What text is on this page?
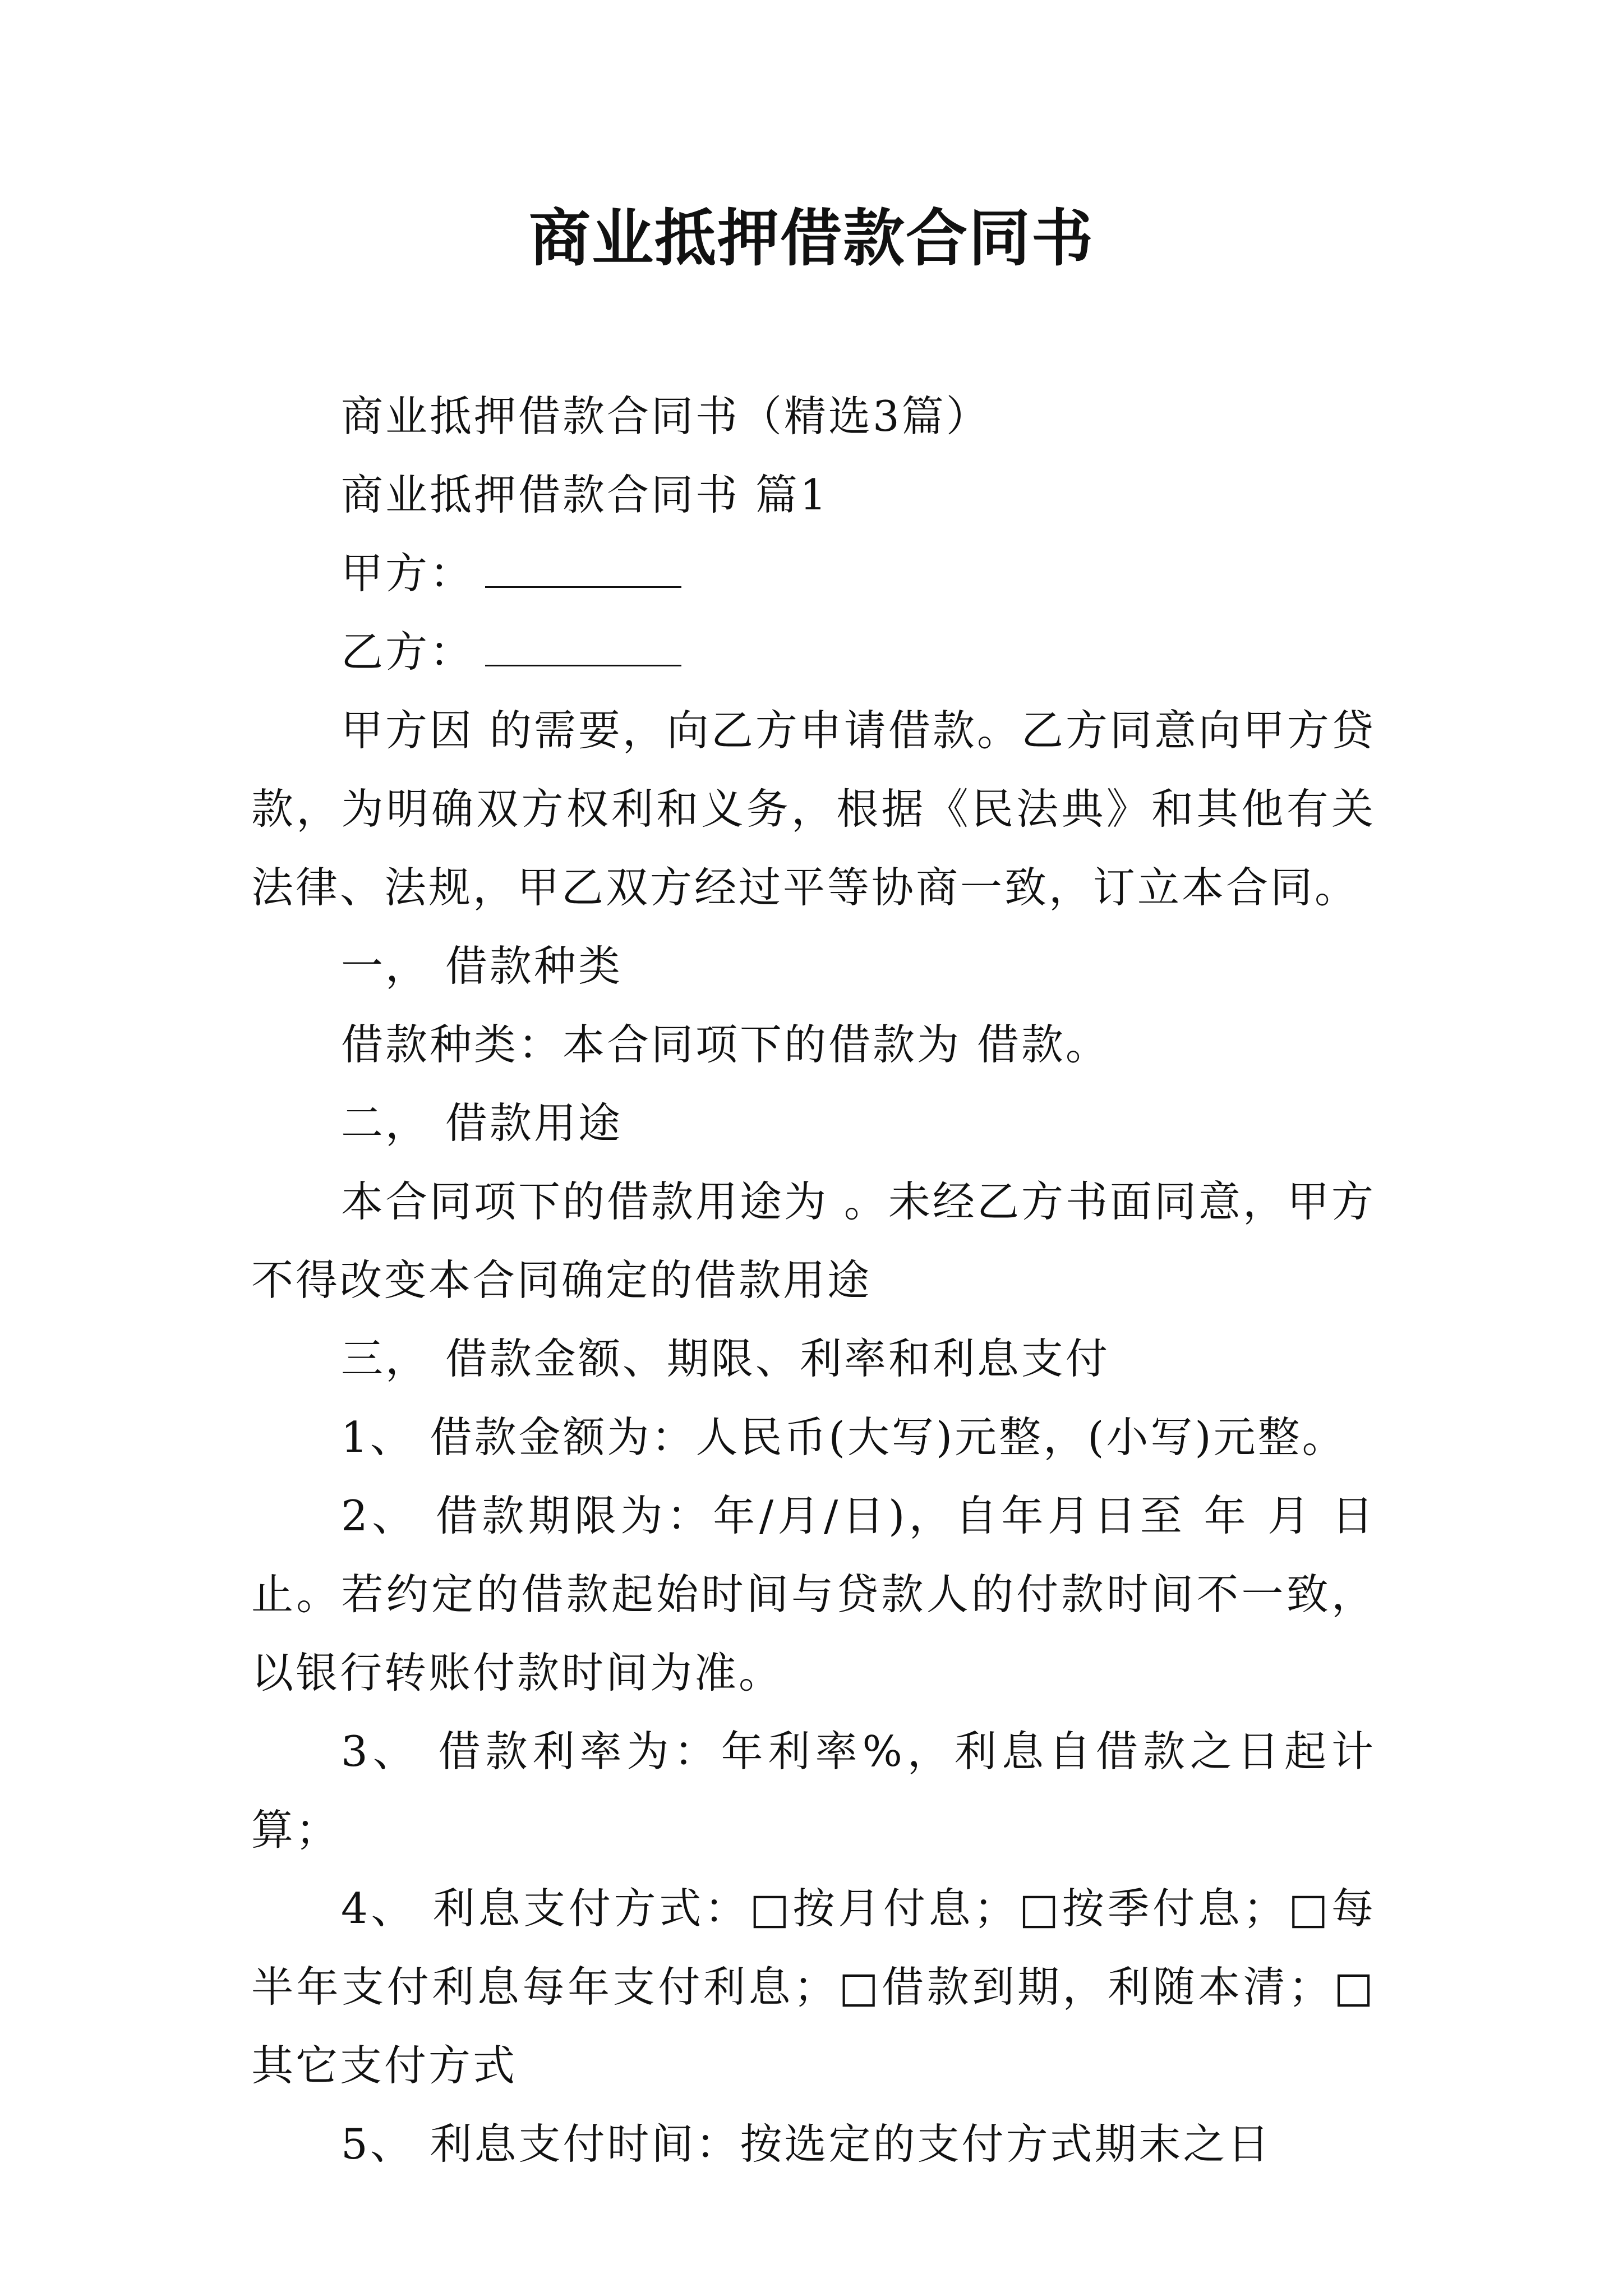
商业抵押借款合同书

商业抵押借款合同书（精选3篇）

商业抵押借款合同书 篇1

甲方：

乙方：

甲方因 的需要，向乙方申请借款。乙方同意向甲方贷款，为明确双方权利和义务，根据《民法典》和其他有关法律、法规，甲乙双方经过平等协商一致，订立本合同。

一， 借款种类

借款种类：本合同项下的借款为 借款。

二， 借款用途

本合同项下的借款用途为 。未经乙方书面同意，甲方不得改变本合同确定的借款用途

三， 借款金额、期限、利率和利息支付

1、 借款金额为：人民币(大写)元整，(小写)元整。

2、 借款期限为：年/月/日)，自年月日至 年 月 日止。若约定的借款起始时间与贷款人的付款时间不一致，以银行转账付款时间为准。

3、 借款利率为：年利率%，利息自借款之日起计算；

4、 利息支付方式：□按月付息；□按季付息；□每半年支付利息每年支付利息；□借款到期，利随本清；□其它支付方式

5、 利息支付时间：按选定的支付方式期末之日
